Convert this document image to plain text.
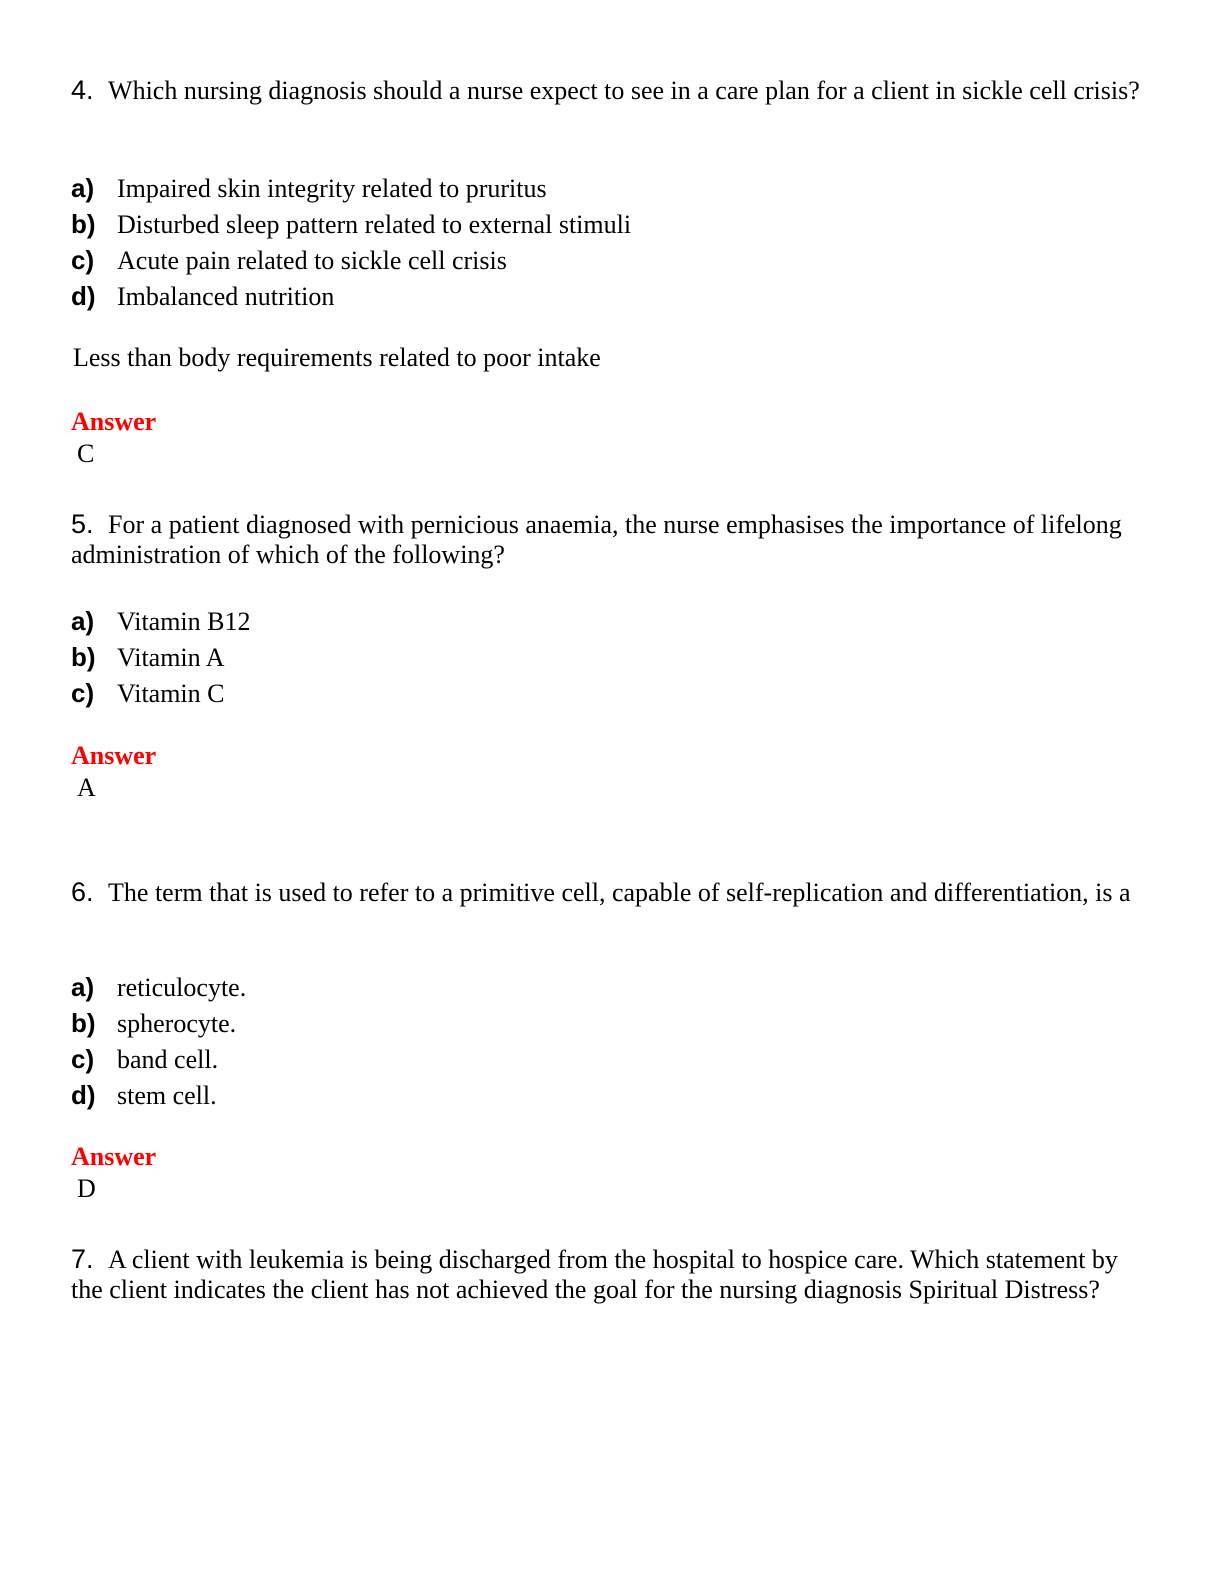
4. Which nursing diagnosis should a nurse expect to see in a care plan for a client in sickle cell crisis?
a) Impaired skin integrity related to pruritus
b) Disturbed sleep pattern related to external stimuli
c) Acute pain related to sickle cell crisis
d) Imbalanced nutrition
Less than body requirements related to poor intake
Answer
C
5. For a patient diagnosed with pernicious anaemia, the nurse emphasises the importance of lifelong administration of which of the following?
a) Vitamin B12
b) Vitamin A
c) Vitamin C
Answer
A
6. The term that is used to refer to a primitive cell, capable of self-replication and differentiation, is a
a) reticulocyte.
b) spherocyte.
c) band cell.
d) stem cell.
Answer
D
7. A client with leukemia is being discharged from the hospital to hospice care. Which statement by the client indicates the client has not achieved the goal for the nursing diagnosis Spiritual Distress?
